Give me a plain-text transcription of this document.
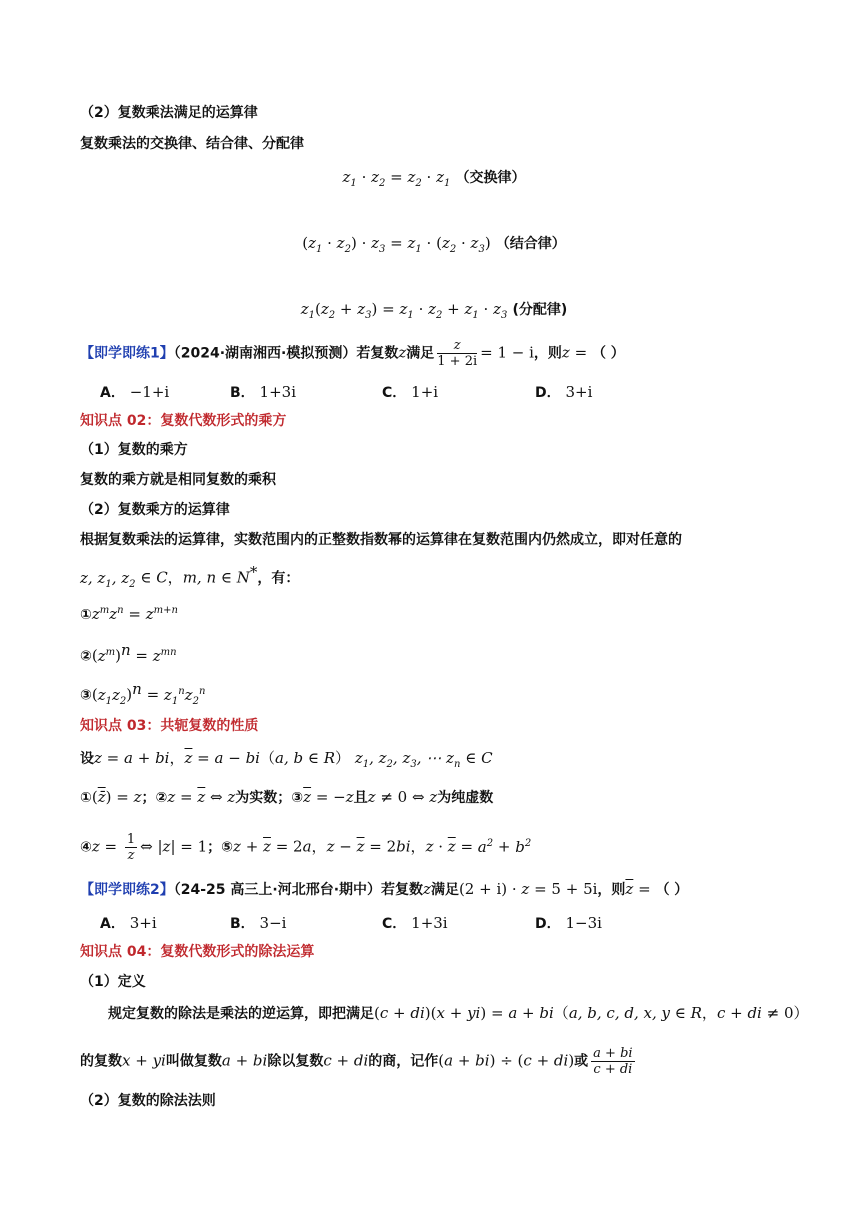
（2）复数乘法满足的运算律
复数乘法的交换律、结合律、分配律
$z_1 \cdot z_2 = z_2 \cdot z_1$ （交换律）
$(z_1 \cdot z_2) \cdot z_3 = z_1 \cdot (z_2 \cdot z_3)$ （结合律）
$z_1(z_2 + z_3) = z_1 \cdot z_2 + z_1 \cdot z_3$ (分配律)
【即学即练1】（2024·湖南湘西·模拟预测）若复数z满足 $\frac{z}{1 + 2i} = 1 - i$，则z = （ ）
A． −1+i	B． 1+3i	C． 1+i	D． 3+i
知识点 02：复数代数形式的乘方
（1）复数的乘方
复数的乘方就是相同复数的乘积
（2）复数乘方的运算律
根据复数乘法的运算律，实数范围内的正整数指数幂的运算律在复数范围内仍然成立，即对任意的
z, $z_1$, $z_2$ ∈ C，m, n ∈ N*，有：
$①z^mz^n = z^{m+n}$
$②(z^m)^n = z^{mn}$
$③(z_1z_2)^n = z_1^nz_2^n$
知识点 03：共轭复数的性质
设z = a + bi，$\overline{z} = a - bi(a$, b ∈ R） $z_1$, $z_2$, $z_3$, ⋯ $z_n$ ∈ C
①(z̄) = z；②z = $\overline{z}$ ⇔ z为实数；$③\overline{z} = -z$且z ≠ 0 ⇔ z为纯虚数
④z = $\frac{1}{z}$ ⇔ |z| = 1；⑤z + $\overline{z} = 2a$，$z - \overline{z} = 2bi$，$z \cdot \overline{z} = a^2 + b^2$
【即学即练2】（24-25 高三上·河北邢台·期中）若复数z满足(2 + i) · z = 5 + 5i，则$\overline{z}$ = （ ）
A． 3+i	B． 3−i	C． 1+3i	D． 1−3i
知识点 04：复数代数形式的除法运算
（1）定义
规定复数的除法是乘法的逆运算，即把满足(c + di)(x + yi) = a + bi（a, b, c, d, x, y ∈ R，c + di ≠ 0）
的复数x + yi叫做复数a + bi除以复数c + di的商，记作(a + bi) ÷ (c + di)或 $\frac{a + bi}{c + di}$
（2）复数的除法法则
